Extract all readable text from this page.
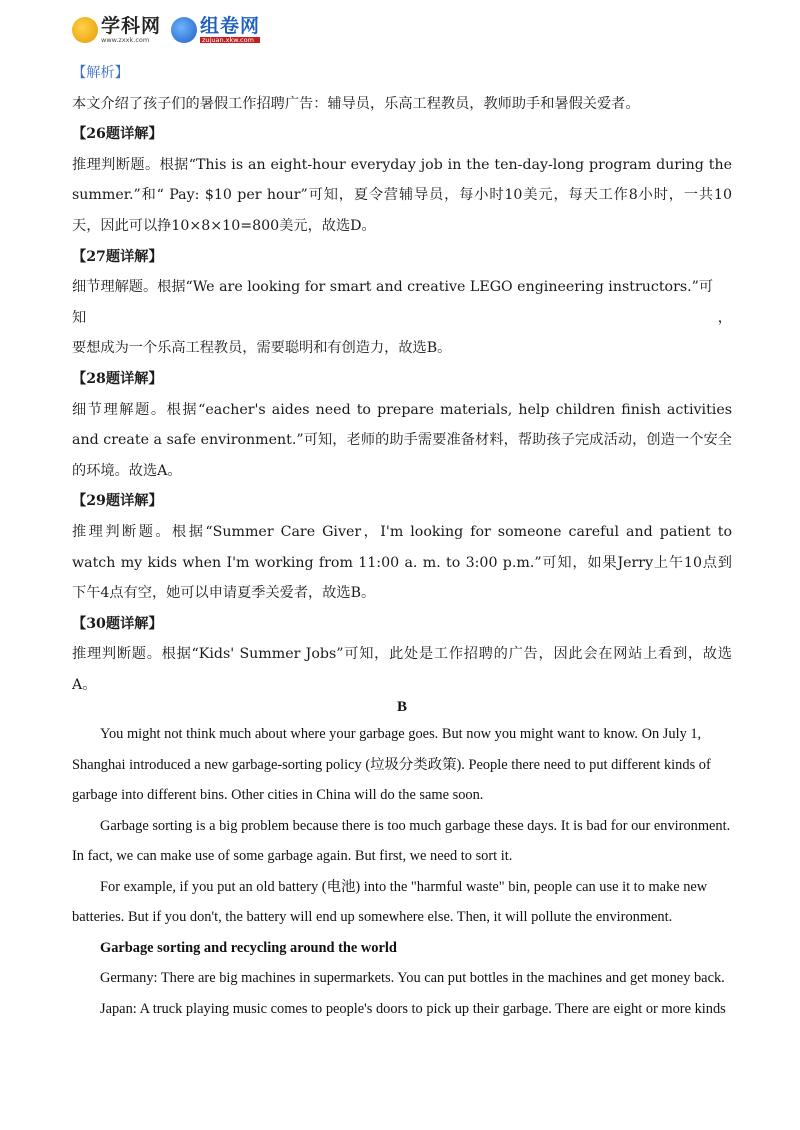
学科网
www.zxxk.com
组卷网
zujuan.xkw.com
【解析】
本文介绍了孩子们的暑假工作招聘广告：辅导员，乐高工程教员，教师助手和暑假关爱者。
【26题详解】
推理判断题。根据“This is an eight-hour everyday job in the ten-day-long program during the
summer.”和“ Pay: $10 per hour”可知，夏令营辅导员，每小时10美元，每天工作8小时，一共10
天，因此可以挣10×8×10=800美元，故选D。
【27题详解】
细节理解题。根据“We are looking for smart and creative LEGO engineering instructors.”可知，
要想成为一个乐高工程教员，需要聪明和有创造力，故选B。
【28题详解】
细节理解题。根据“eacher's aides need to prepare materials, help children finish activities
and create a safe environment.”可知，老师的助手需要准备材料，帮助孩子完成活动，创造一个安全
的环境。故选A。
【29题详解】
推理判断题。根据“Summer Care Giver，I'm looking for someone careful and patient to
watch my kids when I'm working from 11:00 a. m. to 3:00 p.m.”可知，如果Jerry上午10点到
下午4点有空，她可以申请夏季关爱者，故选B。
【30题详解】
推理判断题。根据“Kids' Summer Jobs”可知，此处是工作招聘的广告，因此会在网站上看到，故选
A。
B
You might not think much about where your garbage goes. But now you might want to know. On July 1,
Shanghai introduced a new garbage-sorting policy (垃圾分类政策). People there need to put different kinds of
garbage into different bins. Other cities in China will do the same soon.
Garbage sorting is a big problem because there is too much garbage these days. It is bad for our environment.
In fact, we can make use of some garbage again. But first, we need to sort it.
For example, if you put an old battery (电池) into the "harmful waste" bin, people can use it to make new
batteries. But if you don't, the battery will end up somewhere else. Then, it will pollute the environment.
Garbage sorting and recycling around the world
Germany: There are big machines in supermarkets. You can put bottles in the machines and get money back.
Japan: A truck playing music comes to people's doors to pick up their garbage. There are eight or more kinds
